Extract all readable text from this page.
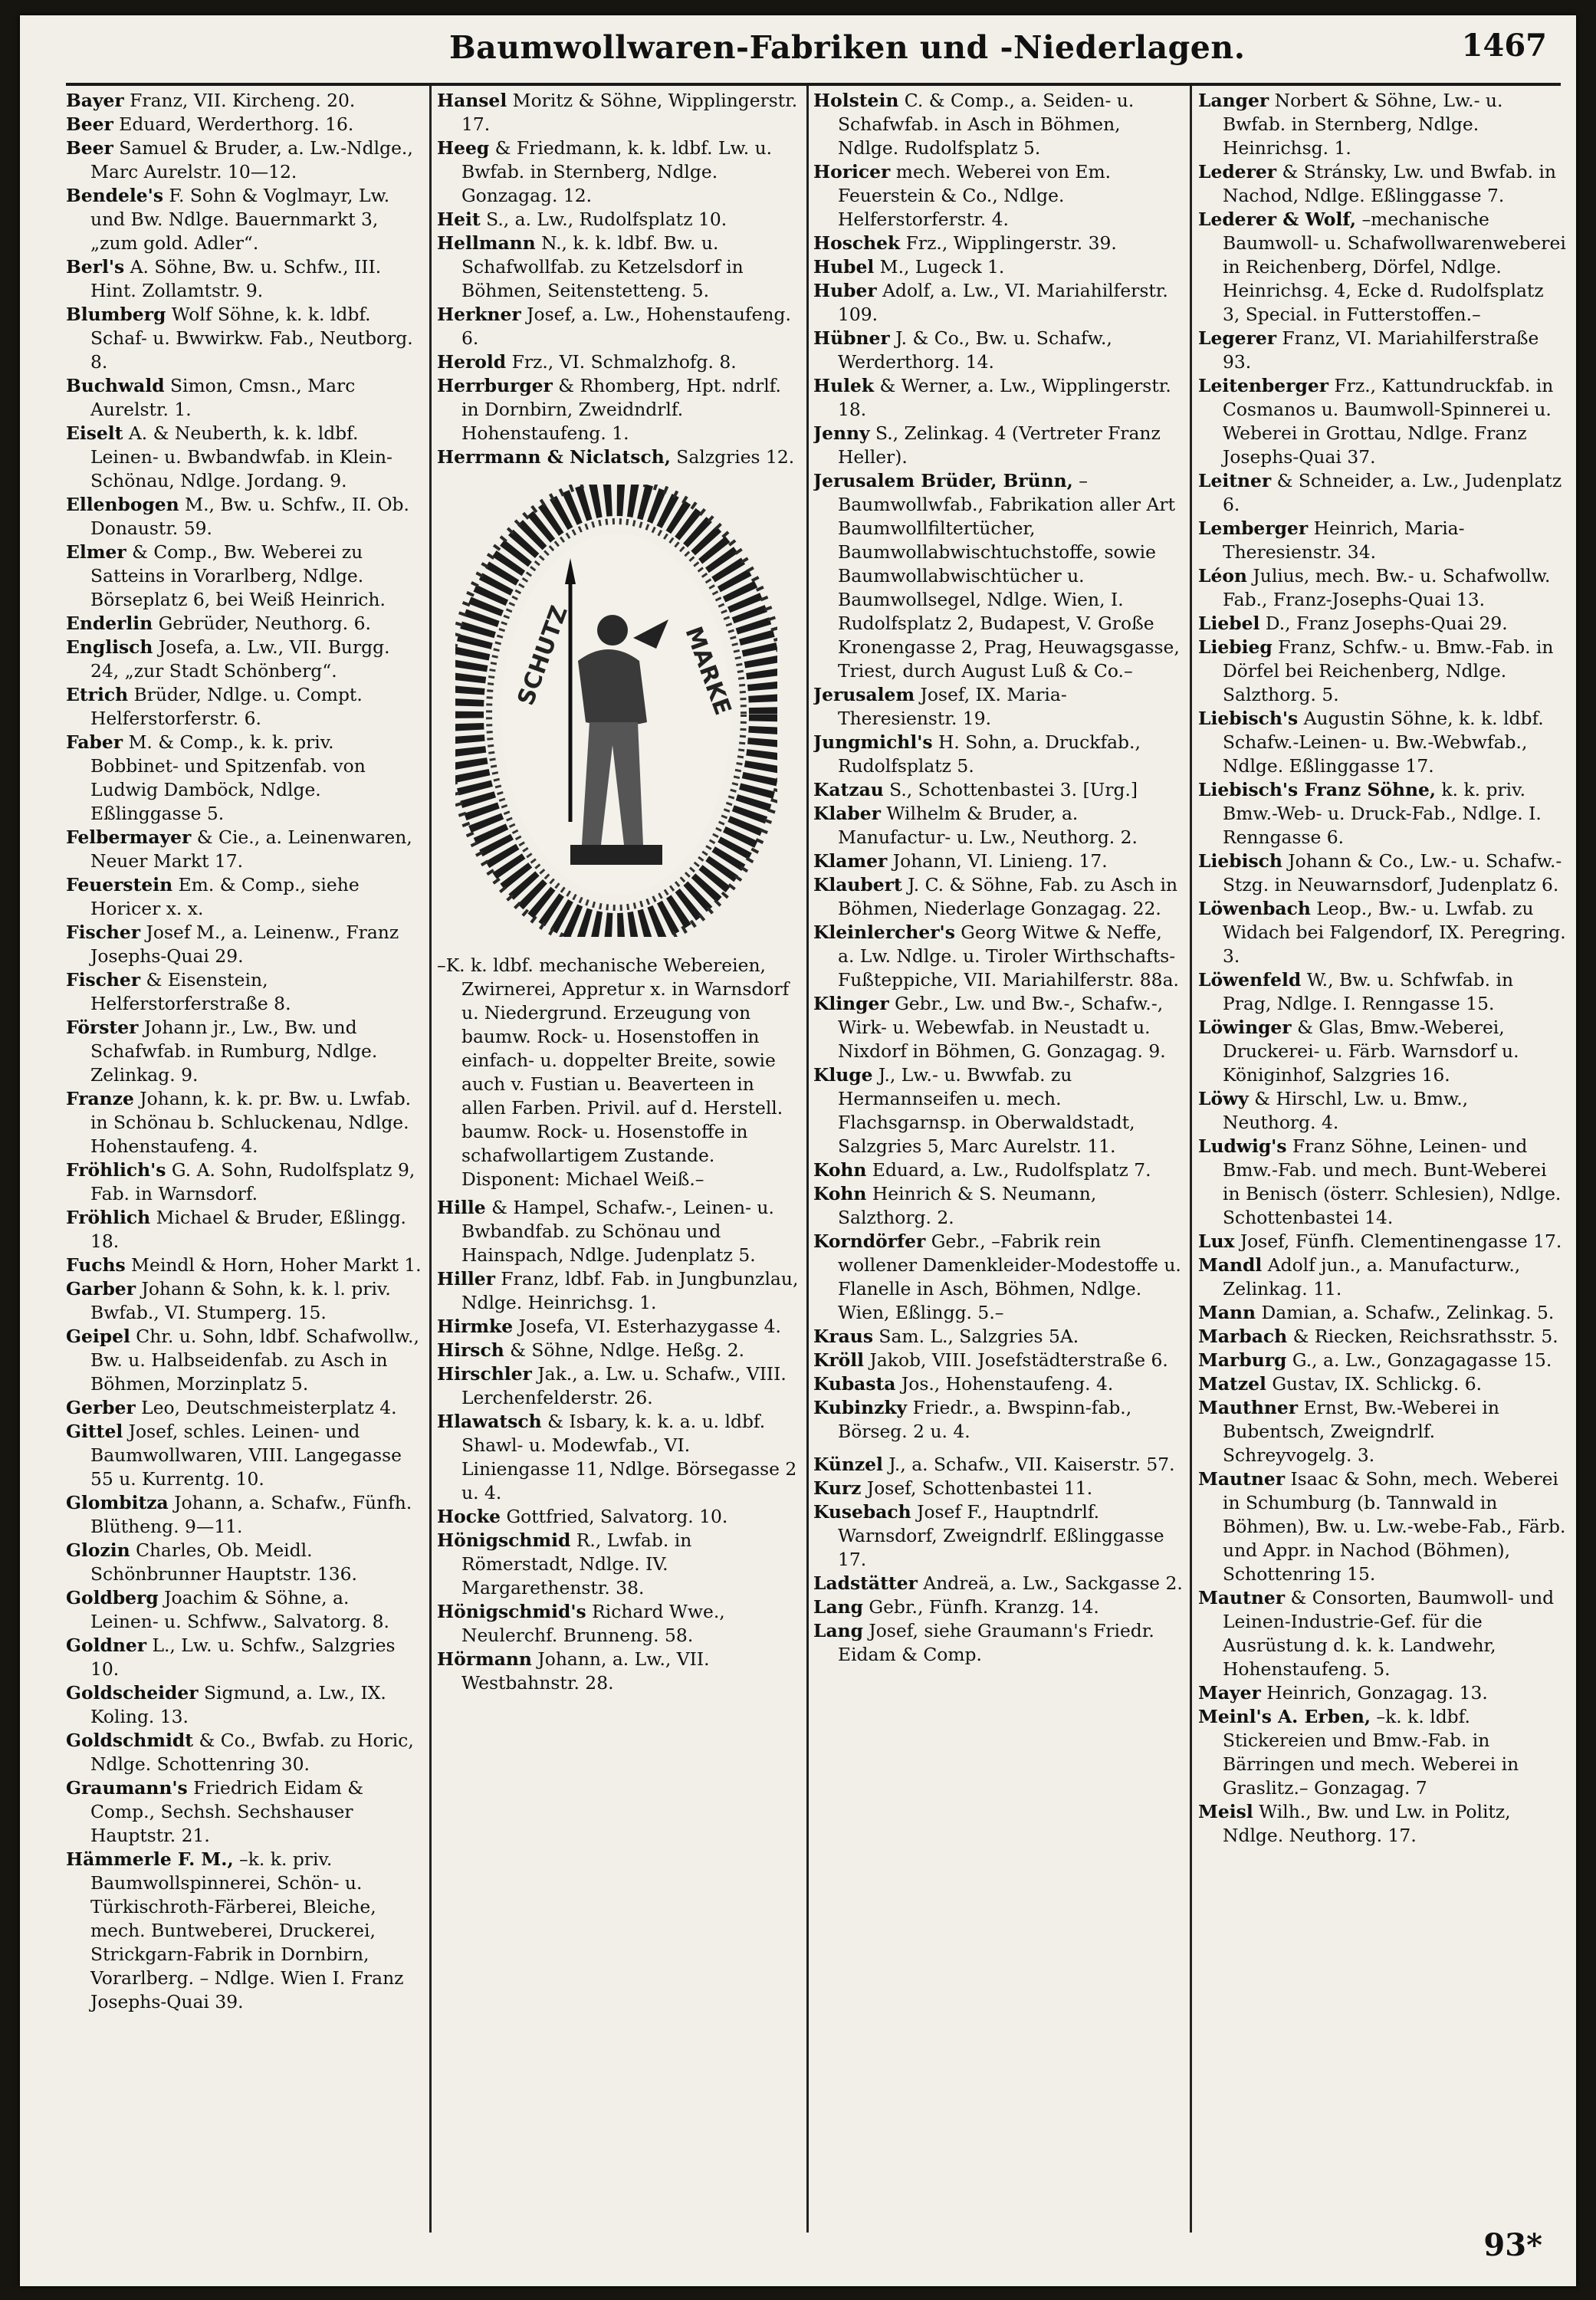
Baumwollwaren-Fabriken und -Niederlagen.	1467
Bayer Franz, VII. Kircheng. 20.
Beer Eduard, Werderthorg. 16.
Beer Samuel & Bruder, a. Lw.-Ndlge., Marc Aurelstr. 10—12.
Bendele's F. Sohn & Voglmayr, Lw. und Bw. Ndlge. Bauernmarkt 3, „zum gold. Adler“.
Berl's A. Söhne, Bw. u. Schfw., III. Hint. Zollamtstr. 9.
Blumberg Wolf Söhne, k. k. ldbf. Schaf- u. Bwwirkw. Fab., Neutborg. 8.
Buchwald Simon, Cmsn., Marc Aurelstr. 1.
Eiselt A. & Neuberth, k. k. ldbf. Leinen- u. Bwbandwfab. in Klein-Schönau, Ndlge. Jordang. 9.
Ellenbogen M., Bw. u. Schfw., II. Ob. Donaustr. 59.
Elmer & Comp., Bw. Weberei zu Satteins in Vorarlberg, Ndlge. Börseplatz 6, bei Weiß Heinrich.
Enderlin Gebrüder, Neuthorg. 6.
Englisch Josefa, a. Lw., VII. Burgg. 24, „zur Stadt Schönberg“.
Etrich Brüder, Ndlge. u. Compt. Helferstorferstr. 6.
Faber M. & Comp., k. k. priv. Bobbinet- und Spitzenfab. von Ludwig Damböck, Ndlge. Eßlinggasse 5.
Felbermayer & Cie., a. Leinenwaren, Neuer Markt 17.
Feuerstein Em. & Comp., siehe Horicer x. x.
Fischer Josef M., a. Leinenw., Franz Josephs-Quai 29.
Fischer & Eisenstein, Helferstorferstraße 8.
Förster Johann jr., Lw., Bw. und Schafwfab. in Rumburg, Ndlge. Zelinkag. 9.
Franze Johann, k. k. pr. Bw. u. Lwfab. in Schönau b. Schluckenau, Ndlge. Hohenstaufeng. 4.
Fröhlich's G. A. Sohn, Rudolfsplatz 9, Fab. in Warnsdorf.
Fröhlich Michael & Bruder, Eßlingg. 18.
Fuchs Meindl & Horn, Hoher Markt 1.
Garber Johann & Sohn, k. k. l. priv. Bwfab., VI. Stumperg. 15.
Geipel Chr. u. Sohn, ldbf. Schafwollw., Bw. u. Halbseidenfab. zu Asch in Böhmen, Morzinplatz 5.
Gerber Leo, Deutschmeisterplatz 4.
Gittel Josef, schles. Leinen- und Baumwollwaren, VIII. Langegasse 55 u. Kurrentg. 10.
Glombitza Johann, a. Schafw., Fünfh. Blütheng. 9—11.
Glozin Charles, Ob. Meidl. Schönbrunner Hauptstr. 136.
Goldberg Joachim & Söhne, a. Leinen- u. Schfww., Salvatorg. 8.
Goldner L., Lw. u. Schfw., Salzgries 10.
Goldscheider Sigmund, a. Lw., IX. Koling. 13.
Goldschmidt & Co., Bwfab. zu Horic, Ndlge. Schottenring 30.
Graumann's Friedrich Eidam & Comp., Sechsh. Sechshauser Hauptstr. 21.
Hämmerle F. M., –k. k. priv. Baumwollspinnerei, Schön- u. Türkischroth-Färberei, Bleiche, mech. Buntweberei, Druckerei, Strickgarn-Fabrik in Dornbirn, Vorarlberg. – Ndlge. Wien I. Franz Josephs-Quai 39.
Hansel Moritz & Söhne, Wipplingerstr. 17.
Heeg & Friedmann, k. k. ldbf. Lw. u. Bwfab. in Sternberg, Ndlge. Gonzagag. 12.
Heit S., a. Lw., Rudolfsplatz 10.
Hellmann N., k. k. ldbf. Bw. u. Schafwollfab. zu Ketzelsdorf in Böhmen, Seitenstetteng. 5.
Herkner Josef, a. Lw., Hohenstaufeng. 6.
Herold Frz., VI. Schmalzhofg. 8.
Herrburger & Rhomberg, Hpt. ndrlf. in Dornbirn, Zweidndrlf. Hohenstaufeng. 1.
Herrmann & Niclatsch, Salzgries 12.
SCHUTZ	MARKE
–K. k. ldbf. mechanische Webereien, Zwirnerei, Appretur x. in Warnsdorf u. Niedergrund. Erzeugung von baumw. Rock- u. Hosenstoffen in einfach- u. doppelter Breite, sowie auch v. Fustian u. Beaverteen in allen Farben. Privil. auf d. Herstell. baumw. Rock- u. Hosenstoffe in schafwollartigem Zustande. Disponent: Michael Weiß.–
Hille & Hampel, Schafw.-, Leinen- u. Bwbandfab. zu Schönau und Hainspach, Ndlge. Judenplatz 5.
Hiller Franz, ldbf. Fab. in Jungbunzlau, Ndlge. Heinrichsg. 1.
Hirmke Josefa, VI. Esterhazygasse 4.
Hirsch & Söhne, Ndlge. Heßg. 2.
Hirschler Jak., a. Lw. u. Schafw., VIII. Lerchenfelderstr. 26.
Hlawatsch & Isbary, k. k. a. u. ldbf. Shawl- u. Modewfab., VI. Liniengasse 11, Ndlge. Börsegasse 2 u. 4.
Hocke Gottfried, Salvatorg. 10.
Hönigschmid R., Lwfab. in Römerstadt, Ndlge. IV. Margarethenstr. 38.
Hönigschmid's Richard Wwe., Neulerchf. Brunneng. 58.
Hörmann Johann, a. Lw., VII. Westbahnstr. 28.
Holstein C. & Comp., a. Seiden- u. Schafwfab. in Asch in Böhmen, Ndlge. Rudolfsplatz 5.
Horicer mech. Weberei von Em. Feuerstein & Co., Ndlge. Helferstorferstr. 4.
Hoschek Frz., Wipplingerstr. 39.
Hubel M., Lugeck 1.
Huber Adolf, a. Lw., VI. Mariahilferstr. 109.
Hübner J. & Co., Bw. u. Schafw., Werderthorg. 14.
Hulek & Werner, a. Lw., Wipplingerstr. 18.
Jenny S., Zelinkag. 4 (Vertreter Franz Heller).
Jerusalem Brüder, Brünn, –Baumwollwfab., Fabrikation aller Art Baumwollfiltertücher, Baumwollabwischtuchstoffe, sowie Baumwollabwischtücher u. Baumwollsegel, Ndlge. Wien, I. Rudolfsplatz 2, Budapest, V. Große Kronengasse 2, Prag, Heuwagsgasse, Triest, durch August Luß & Co.–
Jerusalem Josef, IX. Maria-Theresienstr. 19.
Jungmichl's H. Sohn, a. Druckfab., Rudolfsplatz 5.
Katzau S., Schottenbastei 3. [Urg.]
Klaber Wilhelm & Bruder, a. Manufactur- u. Lw., Neuthorg. 2.
Klamer Johann, VI. Linieng. 17.
Klaubert J. C. & Söhne, Fab. zu Asch in Böhmen, Niederlage Gonzagag. 22.
Kleinlercher's Georg Witwe & Neffe, a. Lw. Ndlge. u. Tiroler Wirthschafts-Fußteppiche, VII. Mariahilferstr. 88a.
Klinger Gebr., Lw. und Bw.-, Schafw.-, Wirk- u. Webewfab. in Neustadt u. Nixdorf in Böhmen, G. Gonzagag. 9.
Kluge J., Lw.- u. Bwwfab. zu Hermannseifen u. mech. Flachsgarnsp. in Oberwaldstadt, Salzgries 5, Marc Aurelstr. 11.
Kohn Eduard, a. Lw., Rudolfsplatz 7.
Kohn Heinrich & S. Neumann, Salzthorg. 2.
Korndörfer Gebr., –Fabrik rein wollener Damenkleider-Modestoffe u. Flanelle in Asch, Böhmen, Ndlge. Wien, Eßlingg. 5.–
Kraus Sam. L., Salzgries 5A.
Kröll Jakob, VIII. Josefstädterstraße 6.
Kubasta Jos., Hohenstaufeng. 4.
Kubinzky Friedr., a. Bwspinn-fab., Börseg. 2 u. 4.
Künzel J., a. Schafw., VII. Kaiserstr. 57.
Kurz Josef, Schottenbastei 11.
Kusebach Josef F., Hauptndrlf. Warnsdorf, Zweigndrlf. Eßlinggasse 17.
Ladstätter Andreä, a. Lw., Sackgasse 2.
Lang Gebr., Fünfh. Kranzg. 14.
Lang Josef, siehe Graumann's Friedr. Eidam & Comp.
Langer Norbert & Söhne, Lw.- u. Bwfab. in Sternberg, Ndlge. Heinrichsg. 1.
Lederer & Stránsky, Lw. und Bwfab. in Nachod, Ndlge. Eßlinggasse 7.
Lederer & Wolf, –mechanische Baumwoll- u. Schafwollwarenweberei in Reichenberg, Dörfel, Ndlge. Heinrichsg. 4, Ecke d. Rudolfsplatz 3, Special. in Futterstoffen.–
Legerer Franz, VI. Mariahilferstraße 93.
Leitenberger Frz., Kattundruckfab. in Cosmanos u. Baumwoll-Spinnerei u. Weberei in Grottau, Ndlge. Franz Josephs-Quai 37.
Leitner & Schneider, a. Lw., Judenplatz 6.
Lemberger Heinrich, Maria-Theresienstr. 34.
Léon Julius, mech. Bw.- u. Schafwollw. Fab., Franz-Josephs-Quai 13.
Liebel D., Franz Josephs-Quai 29.
Liebieg Franz, Schfw.- u. Bmw.-Fab. in Dörfel bei Reichenberg, Ndlge. Salzthorg. 5.
Liebisch's Augustin Söhne, k. k. ldbf. Schafw.-Leinen- u. Bw.-Webwfab., Ndlge. Eßlinggasse 17.
Liebisch's Franz Söhne, k. k. priv. Bmw.-Web- u. Druck-Fab., Ndlge. I. Renngasse 6.
Liebisch Johann & Co., Lw.- u. Schafw.-Stzg. in Neuwarnsdorf, Judenplatz 6.
Löwenbach Leop., Bw.- u. Lwfab. zu Widach bei Falgendorf, IX. Peregring. 3.
Löwenfeld W., Bw. u. Schfwfab. in Prag, Ndlge. I. Renngasse 15.
Löwinger & Glas, Bmw.-Weberei, Druckerei- u. Färb. Warnsdorf u. Königinhof, Salzgries 16.
Löwy & Hirschl, Lw. u. Bmw., Neuthorg. 4.
Ludwig's Franz Söhne, Leinen- und Bmw.-Fab. und mech. Bunt-Weberei in Benisch (österr. Schlesien), Ndlge. Schottenbastei 14.
Lux Josef, Fünfh. Clementinengasse 17.
Mandl Adolf jun., a. Manufacturw., Zelinkag. 11.
Mann Damian, a. Schafw., Zelinkag. 5.
Marbach & Riecken, Reichsrathsstr. 5.
Marburg G., a. Lw., Gonzagagasse 15.
Matzel Gustav, IX. Schlickg. 6.
Mauthner Ernst, Bw.-Weberei in Bubentsch, Zweigndrlf. Schreyvogelg. 3.
Mautner Isaac & Sohn, mech. Weberei in Schumburg (b. Tannwald in Böhmen), Bw. u. Lw.-webe-Fab., Färb. und Appr. in Nachod (Böhmen), Schottenring 15.
Mautner & Consorten, Baumwoll- und Leinen-Industrie-Gef. für die Ausrüstung d. k. k. Landwehr, Hohenstaufeng. 5.
Mayer Heinrich, Gonzagag. 13.
Meinl's A. Erben, –k. k. ldbf. Stickereien und Bmw.-Fab. in Bärringen und mech. Weberei in Graslitz.– Gonzagag. 7
Meisl Wilh., Bw. und Lw. in Politz, Ndlge. Neuthorg. 17.
93*
